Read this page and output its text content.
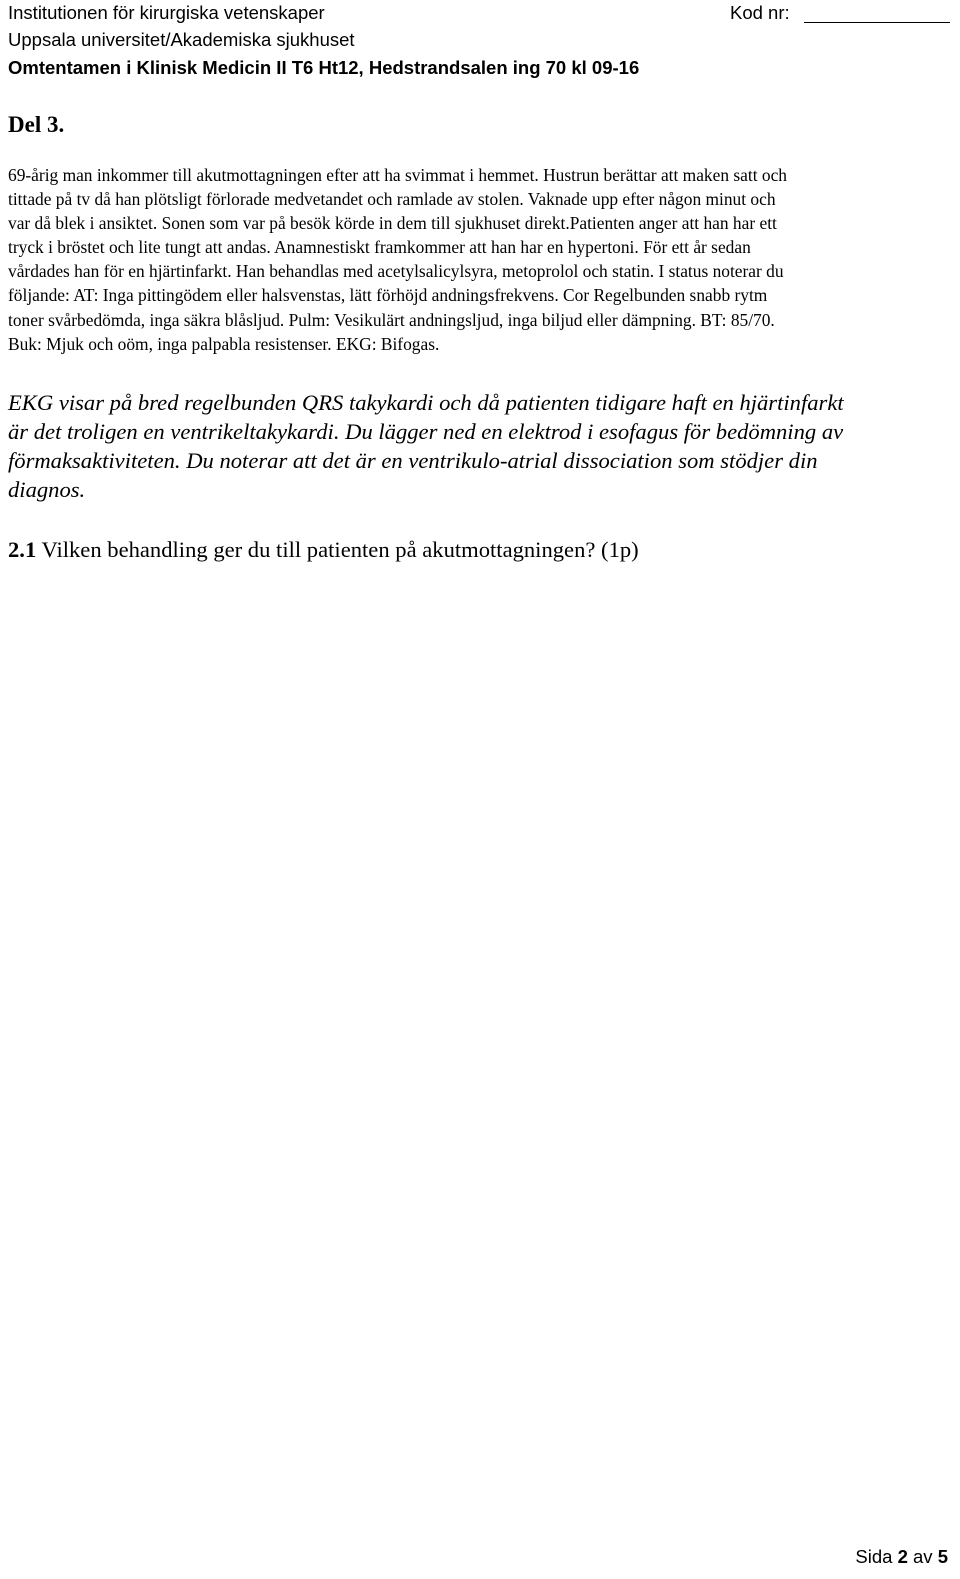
Institutionen för kirurgiska vetenskaper
Uppsala universitet/Akademiska sjukhuset
Omtentamen i Klinisk Medicin II T6 Ht12, Hedstrandsalen ing 70 kl 09-16
Kod nr:
Del 3.
69-årig man inkommer till akutmottagningen efter att ha svimmat i hemmet. Hustrun berättar att maken satt och
tittade på tv då han plötsligt förlorade medvetandet och ramlade av stolen. Vaknade upp efter någon minut och
var då blek i ansiktet. Sonen som var på besök körde in dem till sjukhuset direkt.Patienten anger att han har ett
tryck i bröstet och lite tungt att andas. Anamnestiskt framkommer att han har en hypertoni. För ett år sedan
vårdades han för en hjärtinfarkt. Han behandlas med acetylsalicylsyra, metoprolol och statin. I status noterar du
följande: AT: Inga pittingödem eller halsvenstas, lätt förhöjd andningsfrekvens. Cor Regelbunden snabb rytm
toner svårbedömda, inga säkra blåsljud. Pulm: Vesikulärt andningsljud, inga biljud eller dämpning. BT: 85/70.
Buk: Mjuk och oöm, inga palpabla resistenser. EKG: Bifogas.
EKG visar på bred regelbunden QRS takykardi och då patienten tidigare haft en hjärtinfarkt
är det troligen en ventrikeltakykardi. Du lägger ned en elektrod i esofagus för bedömning av
förmaksaktiviteten. Du noterar att det är en ventrikulo-atrial dissociation som stödjer din
diagnos.
2.1 Vilken behandling ger du till patienten på akutmottagningen? (1p)
Sida 2 av 5
